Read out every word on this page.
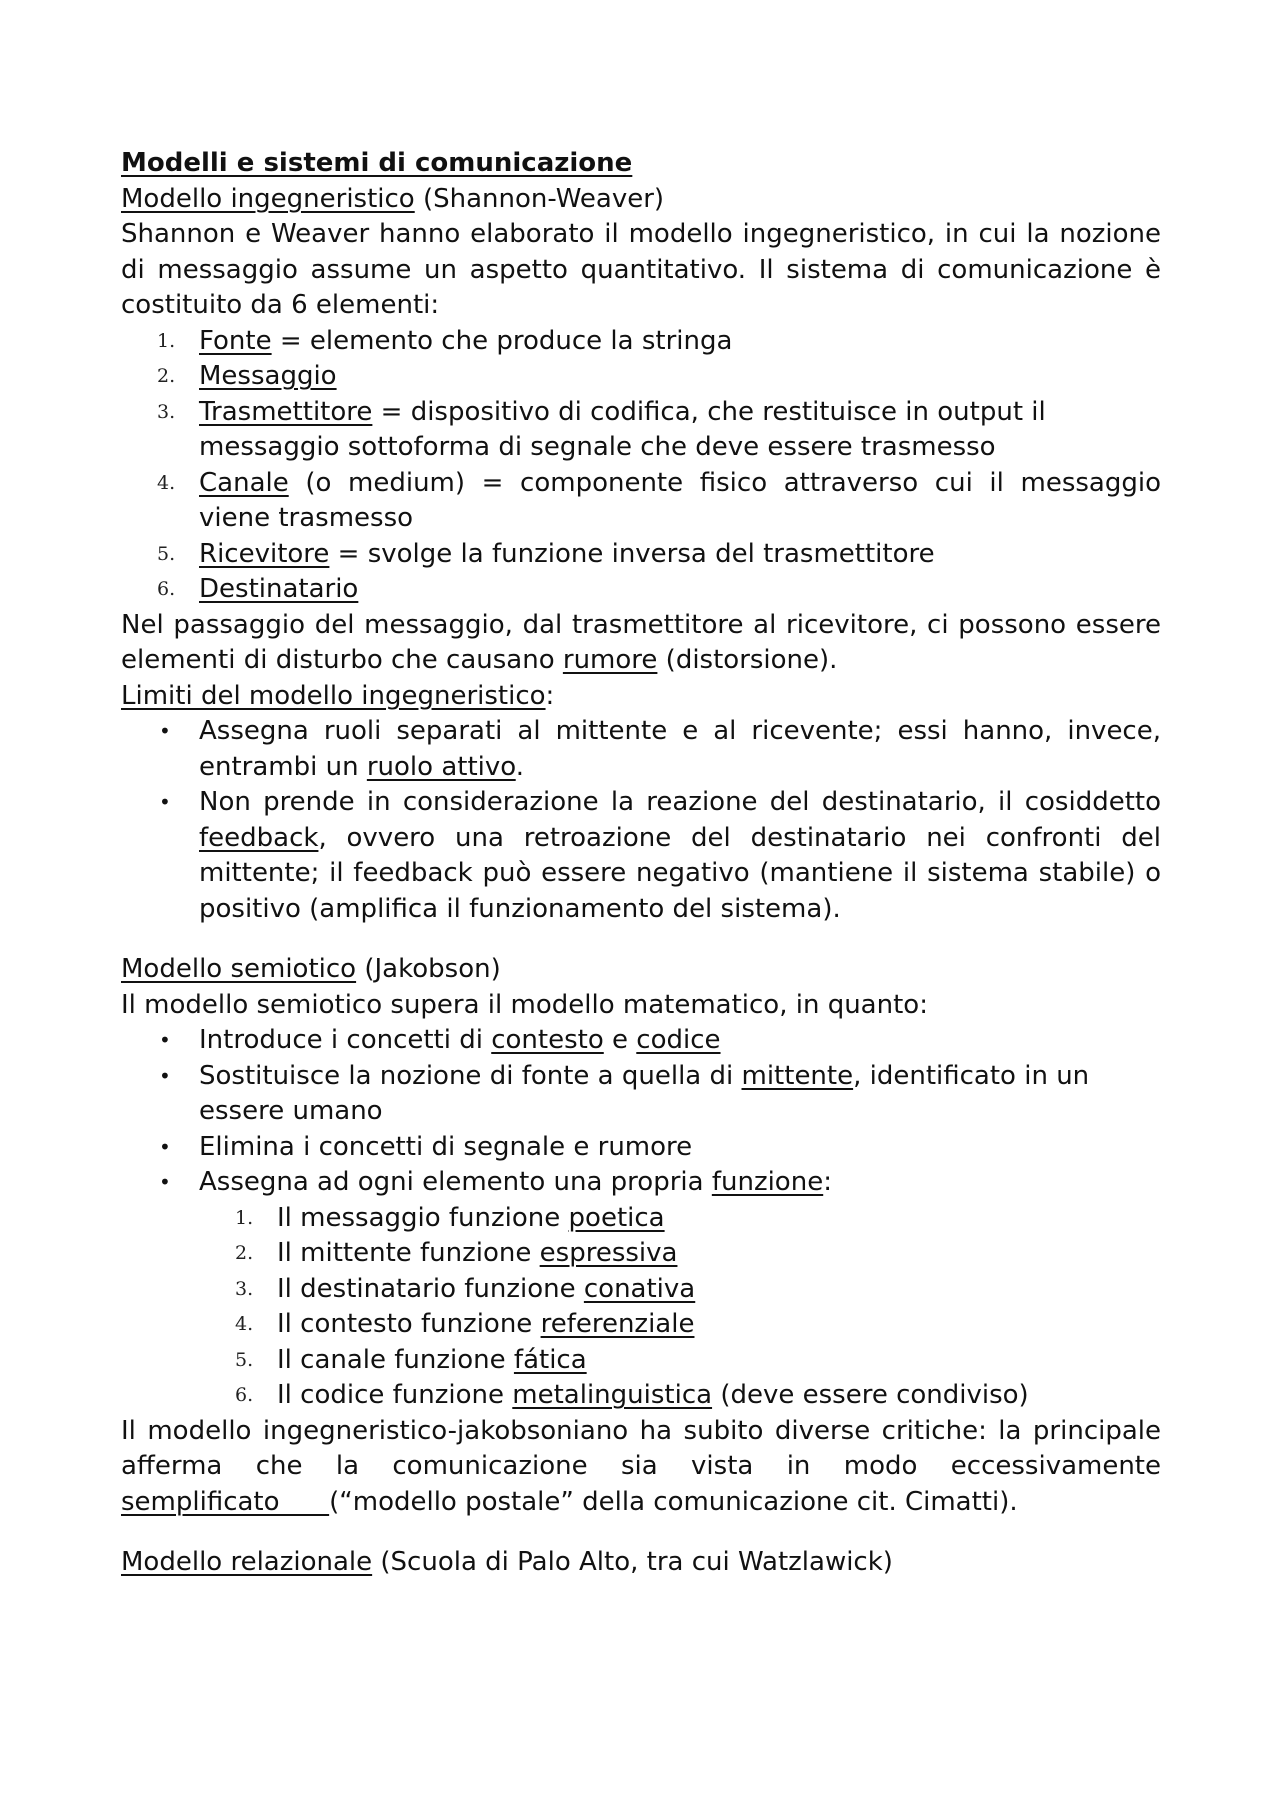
Modelli e sistemi di comunicazione

Modello ingegneristico (Shannon-Weaver)

Shannon e Weaver hanno elaborato il modello ingegneristico, in cui la nozione di messaggio assume un aspetto quantitativo. Il sistema di comunicazione è costituito da 6 elementi:

1. Fonte = elemento che produce la stringa
2. Messaggio
3. Trasmettitore = dispositivo di codifica, che restituisce in output il messaggio sottoforma di segnale che deve essere trasmesso
4. Canale (o medium) = componente fisico attraverso cui il messaggio viene trasmesso
5. Ricevitore = svolge la funzione inversa del trasmettitore
6. Destinatario

Nel passaggio del messaggio, dal trasmettitore al ricevitore, ci possono essere elementi di disturbo che causano rumore (distorsione).

Limiti del modello ingegneristico:

• Assegna ruoli separati al mittente e al ricevente; essi hanno, invece, entrambi un ruolo attivo.
• Non prende in considerazione la reazione del destinatario, il cosiddetto feedback, ovvero una retroazione del destinatario nei confronti del mittente; il feedback può essere negativo (mantiene il sistema stabile) o positivo (amplifica il funzionamento del sistema).

Modello semiotico (Jakobson)

Il modello semiotico supera il modello matematico, in quanto:

• Introduce i concetti di contesto e codice
• Sostituisce la nozione di fonte a quella di mittente, identificato in un essere umano
• Elimina i concetti di segnale e rumore
• Assegna ad ogni elemento una propria funzione:
1. Il messaggio funzione poetica
2. Il mittente funzione espressiva
3. Il destinatario funzione conativa
4. Il contesto funzione referenziale
5. Il canale funzione fática
6. Il codice funzione metalinguistica (deve essere condiviso)

Il modello ingegneristico-jakobsoniano ha subito diverse critiche: la principale afferma che la comunicazione sia vista in modo eccessivamente semplificato      (“modello postale” della comunicazione cit. Cimatti).

Modello relazionale (Scuola di Palo Alto, tra cui Watzlawick)
